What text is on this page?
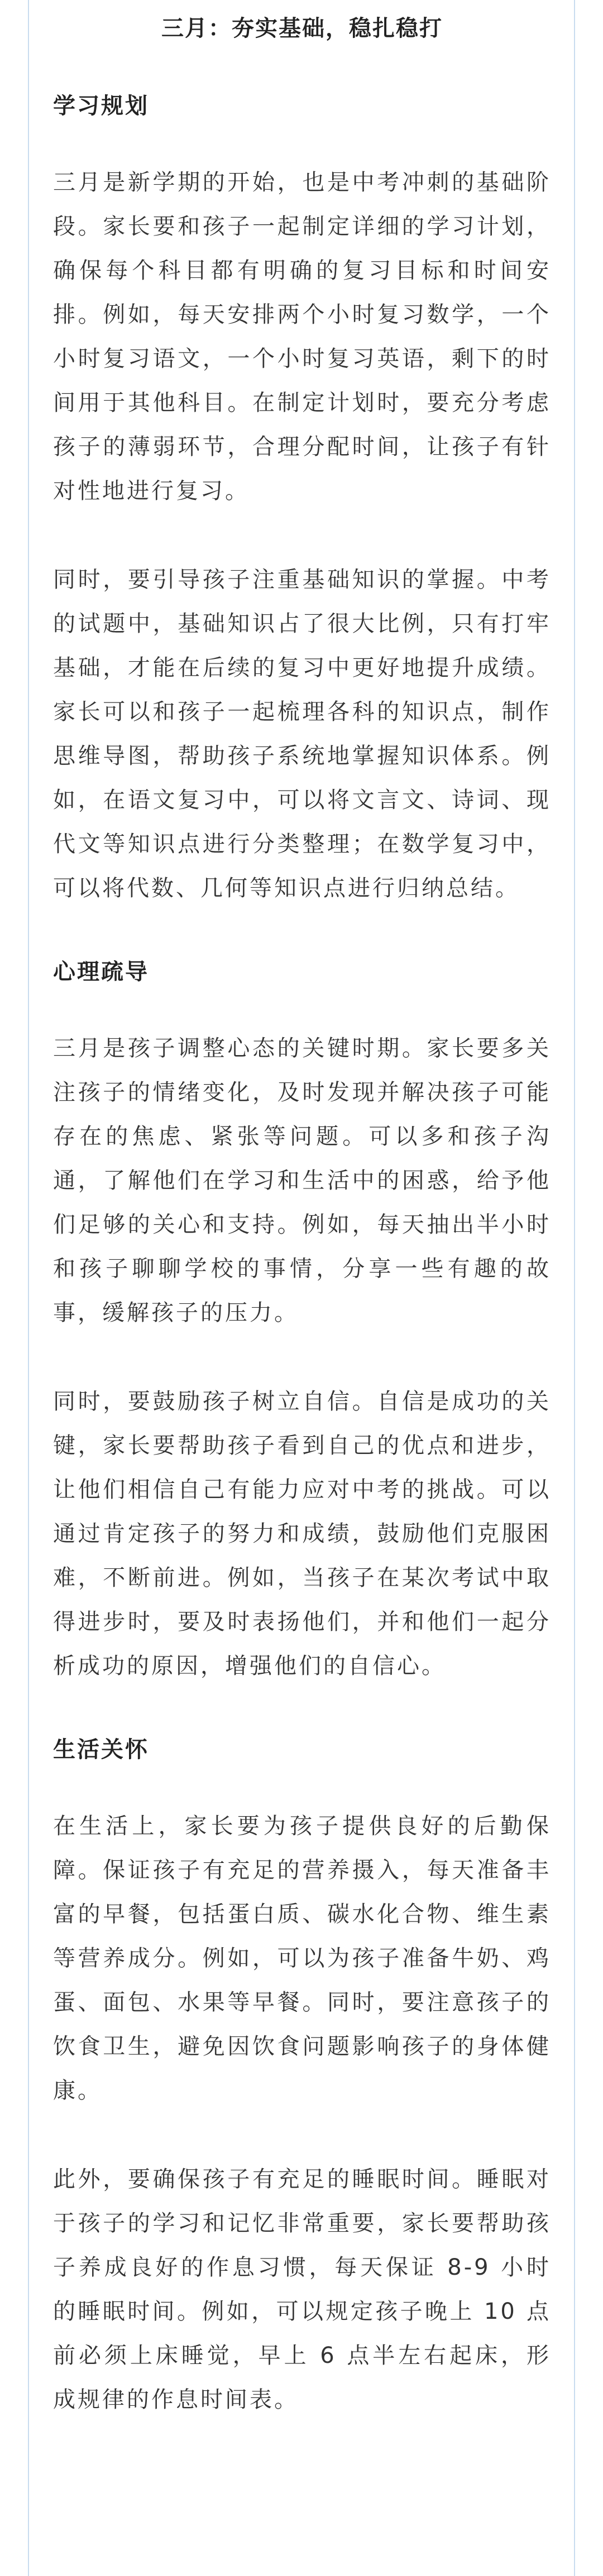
三月：夯实基础，稳扎稳打
学习规划

三月是新学期的开始，也是中考冲刺的基础阶段。家长要和孩子一起制定详细的学习计划，确保每个科目都有明确的复习目标和时间安排。例如，每天安排两个小时复习数学，一个小时复习语文，一个小时复习英语，剩下的时间用于其他科目。在制定计划时，要充分考虑孩子的薄弱环节，合理分配时间，让孩子有针对性地进行复习。

同时，要引导孩子注重基础知识的掌握。中考的试题中，基础知识占了很大比例，只有打牢基础，才能在后续的复习中更好地提升成绩。家长可以和孩子一起梳理各科的知识点，制作思维导图，帮助孩子系统地掌握知识体系。例如，在语文复习中，可以将文言文、诗词、现代文等知识点进行分类整理；在数学复习中，可以将代数、几何等知识点进行归纳总结。

心理疏导

三月是孩子调整心态的关键时期。家长要多关注孩子的情绪变化，及时发现并解决孩子可能存在的焦虑、紧张等问题。可以多和孩子沟通，了解他们在学习和生活中的困惑，给予他们足够的关心和支持。例如，每天抽出半小时和孩子聊聊学校的事情，分享一些有趣的故事，缓解孩子的压力。

同时，要鼓励孩子树立自信。自信是成功的关键，家长要帮助孩子看到自己的优点和进步，让他们相信自己有能力应对中考的挑战。可以通过肯定孩子的努力和成绩，鼓励他们克服困难，不断前进。例如，当孩子在某次考试中取得进步时，要及时表扬他们，并和他们一起分析成功的原因，增强他们的自信心。

生活关怀

在生活上，家长要为孩子提供良好的后勤保障。保证孩子有充足的营养摄入，每天准备丰富的早餐，包括蛋白质、碳水化合物、维生素等营养成分。例如，可以为孩子准备牛奶、鸡蛋、面包、水果等早餐。同时，要注意孩子的饮食卫生，避免因饮食问题影响孩子的身体健康。

此外，要确保孩子有充足的睡眠时间。睡眠对于孩子的学习和记忆非常重要，家长要帮助孩子养成良好的作息习惯，每天保证 8-9 小时的睡眠时间。例如，可以规定孩子晚上 10 点前必须上床睡觉，早上 6 点半左右起床，形成规律的作息时间表。
